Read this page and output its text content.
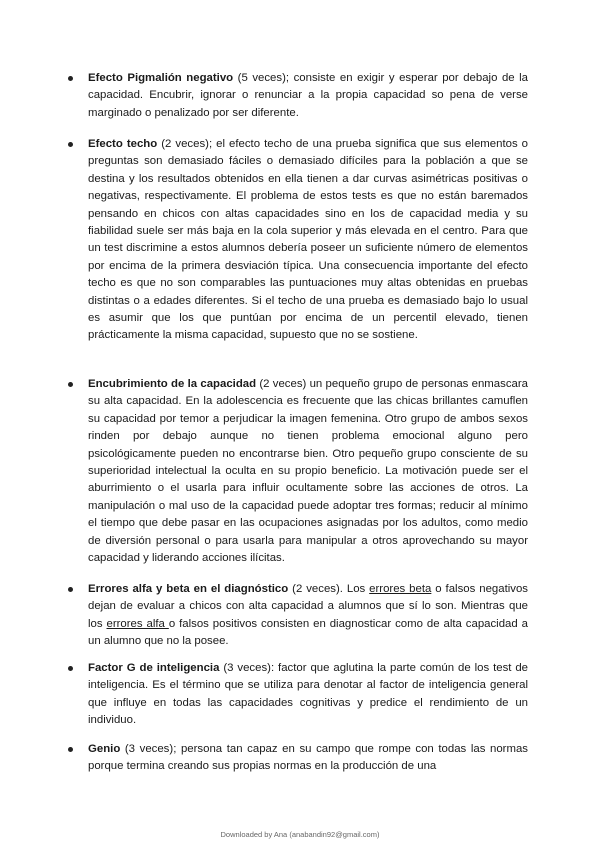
Efecto Pigmalión negativo (5 veces); consiste en exigir y esperar por debajo de la capacidad. Encubrir, ignorar o renunciar a la propia capacidad so pena de verse marginado o penalizado por ser diferente.

Efecto techo (2 veces); el efecto techo de una prueba significa que sus elementos o preguntas son demasiado fáciles o demasiado difíciles para la población a que se destina y los resultados obtenidos en ella tienen a dar curvas asimétricas positivas o negativas, respectivamente. El problema de estos tests es que no están baremados pensando en chicos con altas capacidades sino en los de capacidad media y su fiabilidad suele ser más baja en la cola superior y más elevada en el centro. Para que un test discrimine a estos alumnos debería poseer un suficiente número de elementos por encima de la primera desviación típica. Una consecuencia importante del efecto techo es que no son comparables las puntuaciones muy altas obtenidas en pruebas distintas o a edades diferentes. Si el techo de una prueba es demasiado bajo lo usual es asumir que los que puntúan por encima de un percentil elevado, tienen prácticamente la misma capacidad, supuesto que no se sostiene.

Encubrimiento de la capacidad (2 veces) un pequeño grupo de personas enmascara su alta capacidad. En la adolescencia es frecuente que las chicas brillantes camuflen su capacidad por temor a perjudicar la imagen femenina. Otro grupo de ambos sexos rinden por debajo aunque no tienen problema emocional alguno pero psicológicamente pueden no encontrarse bien. Otro pequeño grupo consciente de su superioridad intelectual la oculta en su propio beneficio. La motivación puede ser el aburrimiento o el usarla para influir ocultamente sobre las acciones de otros. La manipulación o mal uso de la capacidad puede adoptar tres formas; reducir al mínimo el tiempo que debe pasar en las ocupaciones asignadas por los adultos, como medio de diversión personal o para usarla para manipular a otros aprovechando su mayor capacidad y liderando acciones ilícitas.

Errores alfa y beta en el diagnóstico (2 veces). Los errores beta o falsos negativos dejan de evaluar a chicos con alta capacidad a alumnos que sí lo son. Mientras que los errores alfa o falsos positivos consisten en diagnosticar como de alta capacidad a un alumno que no la posee.

Factor G de inteligencia (3 veces): factor que aglutina la parte común de los test de inteligencia. Es el término que se utiliza para denotar al factor de inteligencia general que influye en todas las capacidades cognitivas y predice el rendimiento de un individuo.

Genio (3 veces); persona tan capaz en su campo que rompe con todas las normas porque termina creando sus propias normas en la producción de una

Downloaded by Ana (anabandin92@gmail.com)
